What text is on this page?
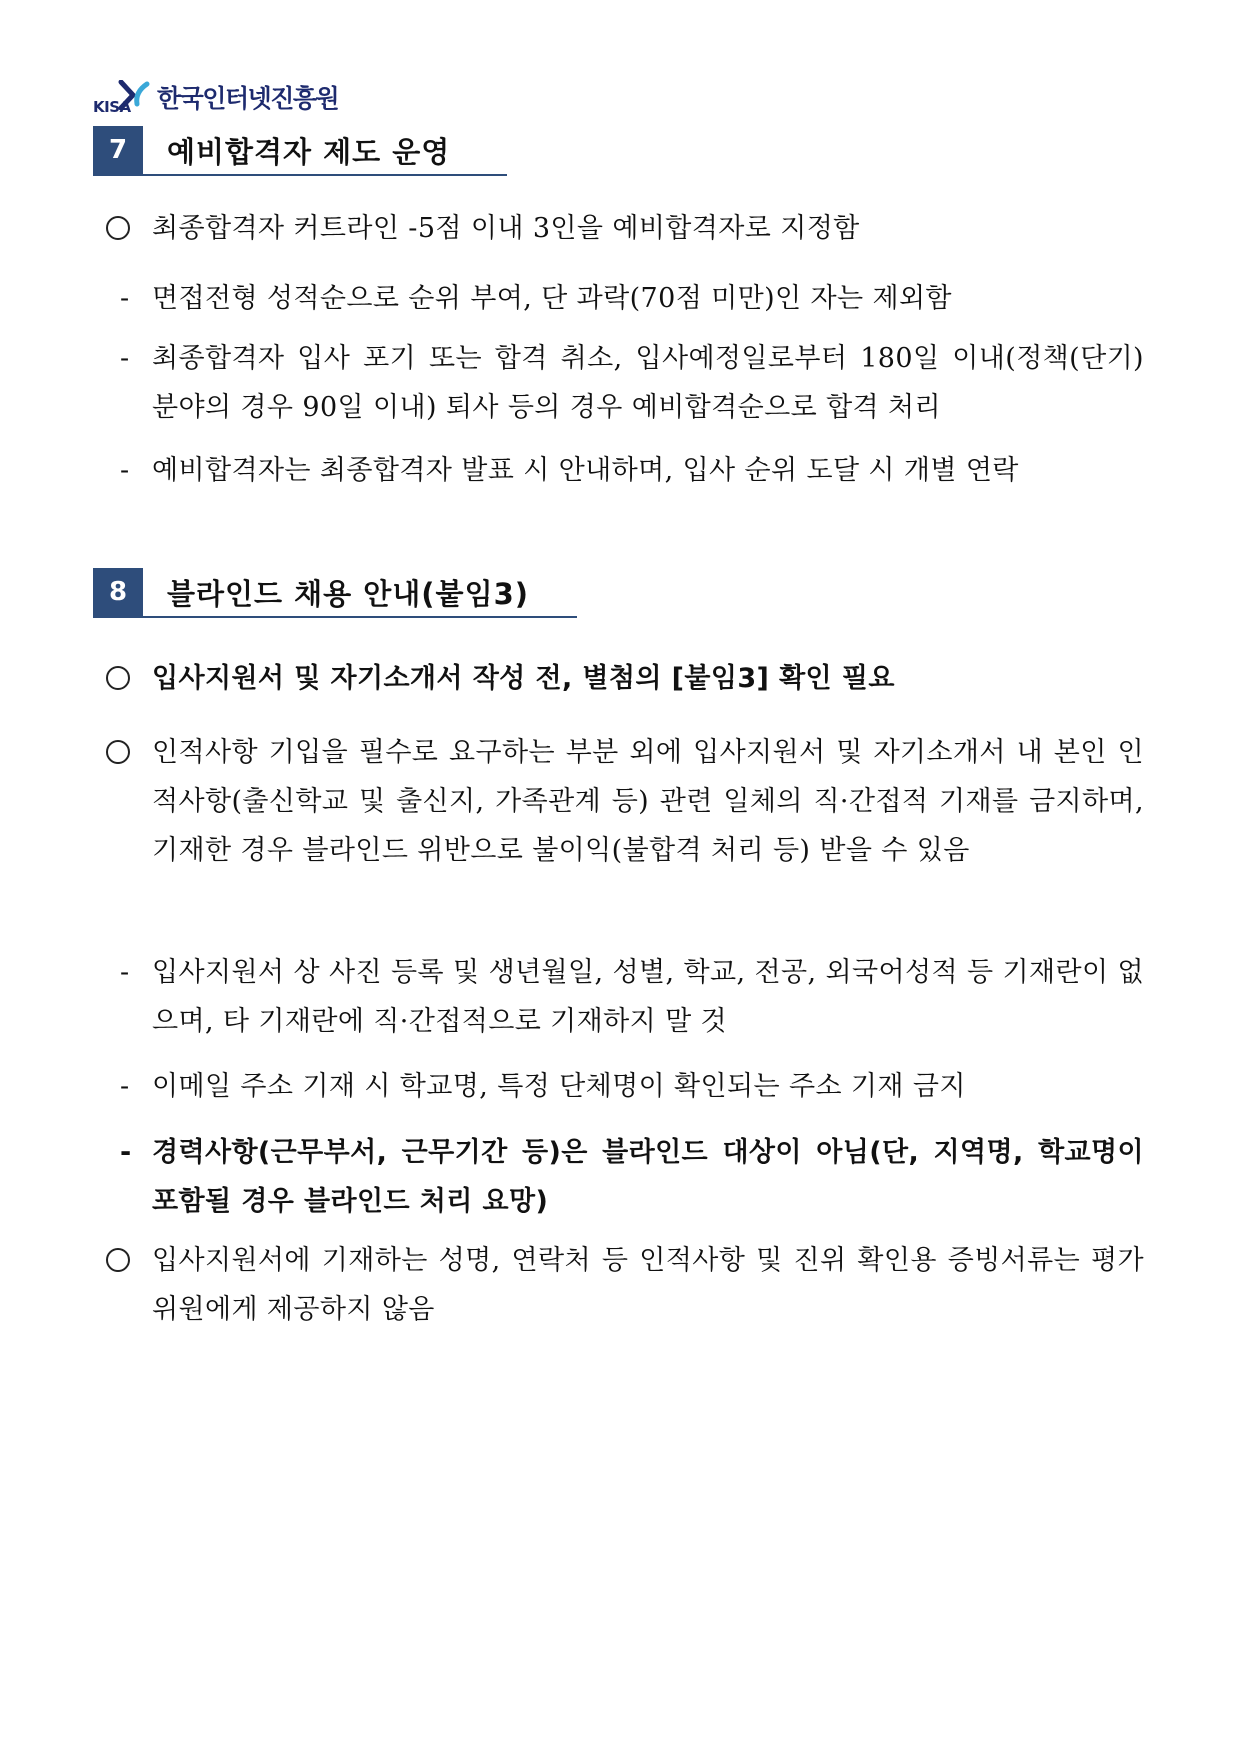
KISA 한국인터넷진흥원
7	예비합격자 제도 운영
최종합격자 커트라인 -5점 이내 3인을 예비합격자로 지정함
- 면접전형 성적순으로 순위 부여, 단 과락(70점 미만)인 자는 제외함
- 최종합격자 입사 포기 또는 합격 취소, 입사예정일로부터 180일 이내(정책(단기) 분야의 경우 90일 이내) 퇴사 등의 경우 예비합격순으로 합격 처리
- 예비합격자는 최종합격자 발표 시 안내하며, 입사 순위 도달 시 개별 연락
8	블라인드 채용 안내(붙임3)
입사지원서 및 자기소개서 작성 전, 별첨의 [붙임3] 확인 필요
인적사항 기입을 필수로 요구하는 부분 외에 입사지원서 및 자기소개서 내 본인 인적사항(출신학교 및 출신지, 가족관계 등) 관련 일체의 직·간접적 기재를 금지하며, 기재한 경우 블라인드 위반으로 불이익(불합격 처리 등) 받을 수 있음
- 입사지원서 상 사진 등록 및 생년월일, 성별, 학교, 전공, 외국어성적 등 기재란이 없으며, 타 기재란에 직·간접적으로 기재하지 말 것
- 이메일 주소 기재 시 학교명, 특정 단체명이 확인되는 주소 기재 금지
- 경력사항(근무부서, 근무기간 등)은 블라인드 대상이 아님(단, 지역명, 학교명이 포함될 경우 블라인드 처리 요망)
입사지원서에 기재하는 성명, 연락처 등 인적사항 및 진위 확인용 증빙서류는 평가위원에게 제공하지 않음
